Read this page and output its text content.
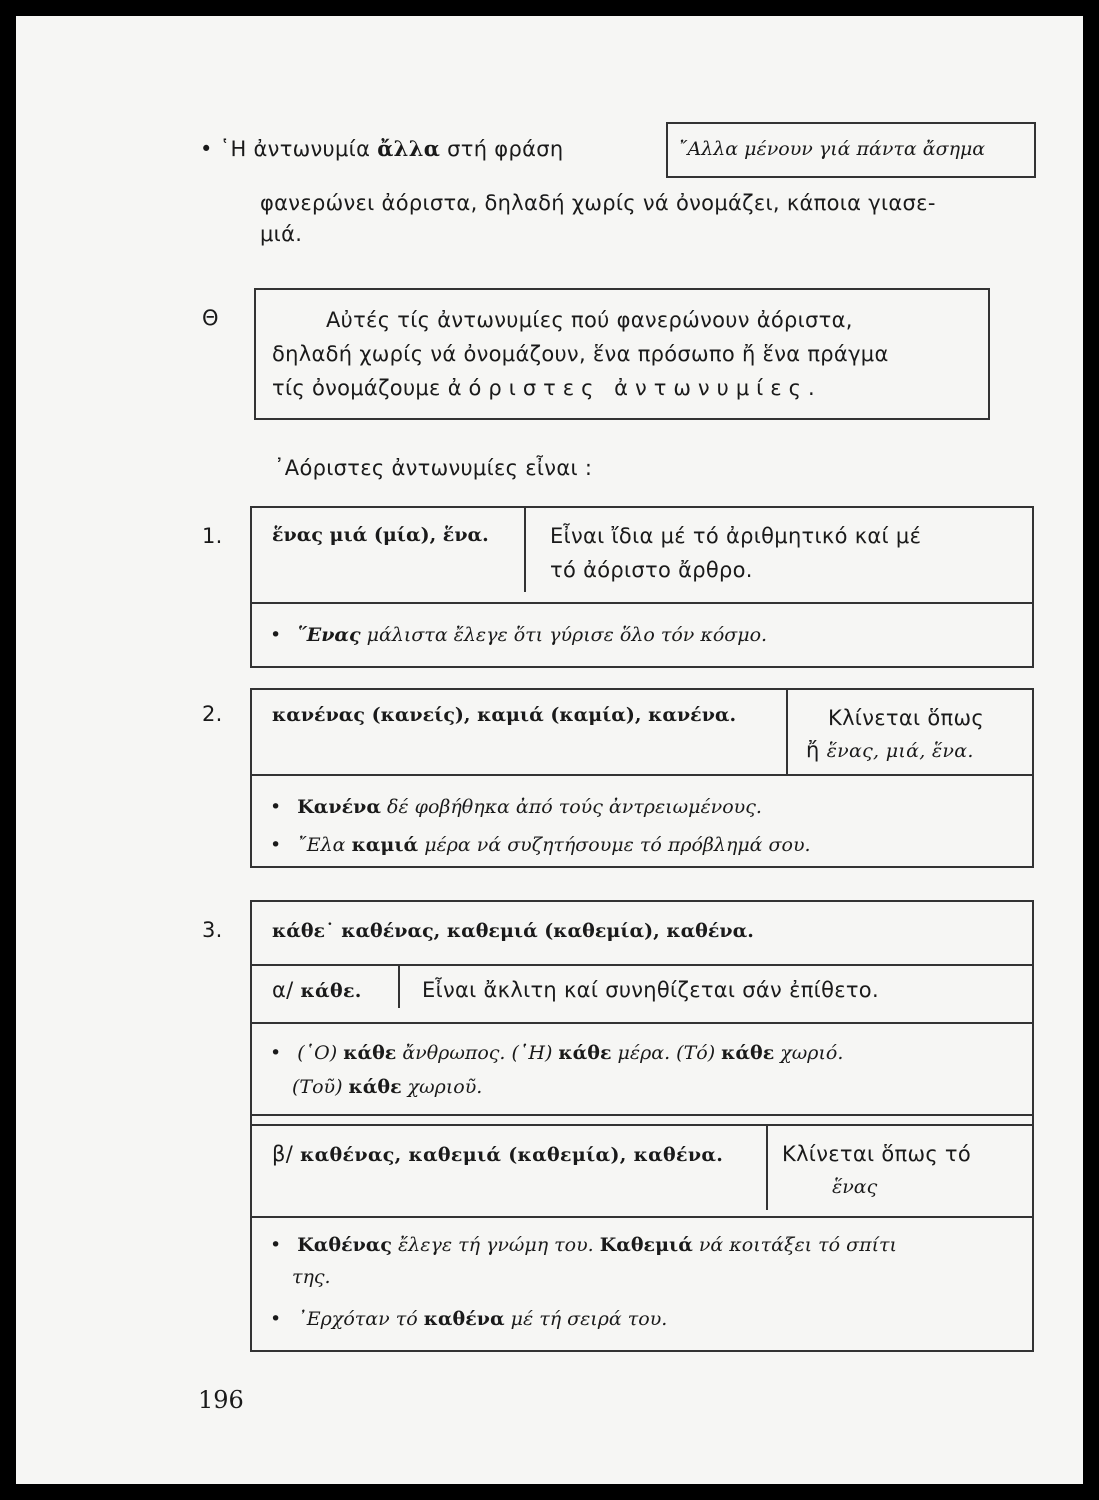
• ῾Η ἀντωνυμία ἄλλα στή φράση	῎Αλλα μένουν γιά πάντα ἄσημα
φανερώνει ἀόριστα, δηλαδή χωρίς νά ὀνομάζει, κάποια γιασε-
μιά.
Θ	Αὐτές τίς ἀντωνυμίες πού φανερώνουν ἀόριστα,
δηλαδή χωρίς νά ὀνομάζουν, ἕνα πρόσωπο ἤ ἕνα πράγμα
τίς ὀνομάζουμε ἀόριστες ἀντωνυμίες.
᾿Αόριστες ἀντωνυμίες εἶναι :
1.	ἕνας μιά (μία), ἕνα.	Εἶναι ἴδια μέ τό ἀριθμητικό καί μέ
τό ἀόριστο ἄρθρο.
• ῞Ενας μάλιστα ἔλεγε ὅτι γύρισε ὅλο τόν κόσμο.
2.	κανένας (κανείς), καμιά (καμία), κανένα.	Κλίνεται ὅπως
ἤ ἕνας, μιά, ἕνα.
• Κανένα δέ φοβήθηκα ἀπό τούς ἀντρειωμένους.
• ῎Ελα καμιά μέρα νά συζητήσουμε τό πρόβλημά σου.
3.	κάθε˙ καθένας, καθεμιά (καθεμία), καθένα.
α/ κάθε.	Εἶναι ἄκλιτη καί συνηθίζεται σάν ἐπίθετο.
• (῾Ο) κάθε ἄνθρωπος. (῾Η) κάθε μέρα. (Τό) κάθε χωριό.
(Τοῦ) κάθε χωριοῦ.
β/ καθένας, καθεμιά (καθεμία), καθένα.	Κλίνεται ὅπως τό
ἕνας
• Καθένας ἔλεγε τή γνώμη του. Καθεμιά νά κοιτάξει τό σπίτι
της.
• ᾿Ερχόταν τό καθένα μέ τή σειρά του.
196
